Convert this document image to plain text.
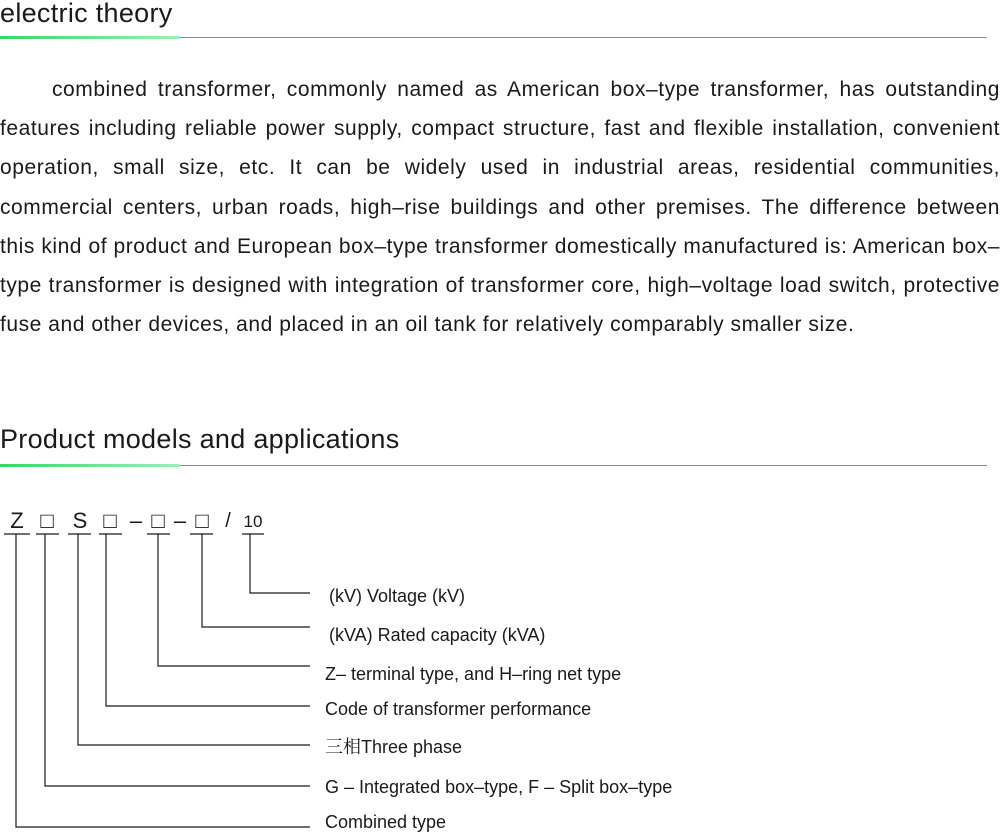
electric theory

combined transformer, commonly named as American box–type transformer, has outstanding features including reliable power supply, compact structure, fast and flexible installation, convenient operation, small size, etc. It can be widely used in industrial areas, residential communities, commercial centers, urban roads, high–rise buildings and other premises. The difference between this kind of product and European box–type transformer domestically manufactured is: American box–type transformer is designed with integration of transformer core, high–voltage load switch, protective fuse and other devices, and placed in an oil tank for relatively comparably smaller size.

Product models and applications
Z □ S □ – □ – □ / 10
(kV) Voltage (kV)
(kVA) Rated capacity (kVA)
Z– terminal type, and H–ring net type
Code of transformer performance
三相Three phase
G – Integrated box–type, F – Split box–type
Combined type
